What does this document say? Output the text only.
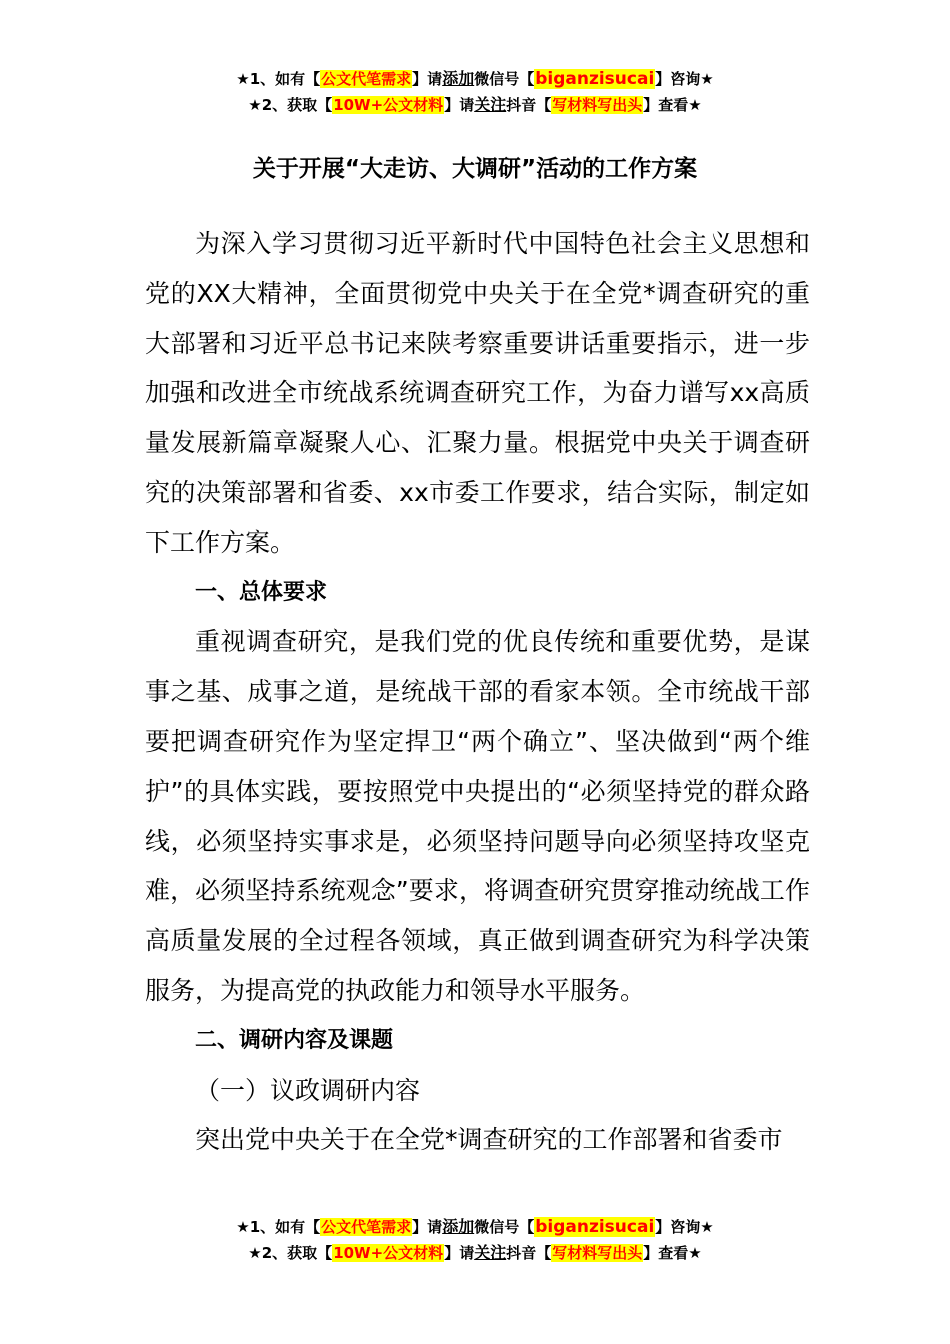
★1、如有【公文代笔需求】请添加微信号【biganzisucai】咨询★
★2、获取【10W+公文材料】请关注抖音【写材料写出头】查看★
关于开展“大走访、大调研”活动的工作方案

为深入学习贯彻习近平新时代中国特色社会主义思想和党的XX大精神，全面贯彻党中央关于在全党*调查研究的重大部署和习近平总书记来陕考察重要讲话重要指示，进一步加强和改进全市统战系统调查研究工作，为奋力谱写xx高质量发展新篇章凝聚人心、汇聚力量。根据党中央关于调查研究的决策部署和省委、xx市委工作要求，结合实际，制定如下工作方案。

一、总体要求

重视调查研究，是我们党的优良传统和重要优势，是谋事之基、成事之道，是统战干部的看家本领。全市统战干部要把调查研究作为坚定捍卫“两个确立”、坚决做到“两个维护”的具体实践，要按照党中央提出的“必须坚持党的群众路线，必须坚持实事求是，必须坚持问题导向必须坚持攻坚克难，必须坚持系统观念”要求，将调查研究贯穿推动统战工作高质量发展的全过程各领域，真正做到调查研究为科学决策服务，为提高党的执政能力和领导水平服务。

二、调研内容及课题

（一）议政调研内容

突出党中央关于在全党*调查研究的工作部署和省委市

★1、如有【公文代笔需求】请添加微信号【biganzisucai】咨询★
★2、获取【10W+公文材料】请关注抖音【写材料写出头】查看★
